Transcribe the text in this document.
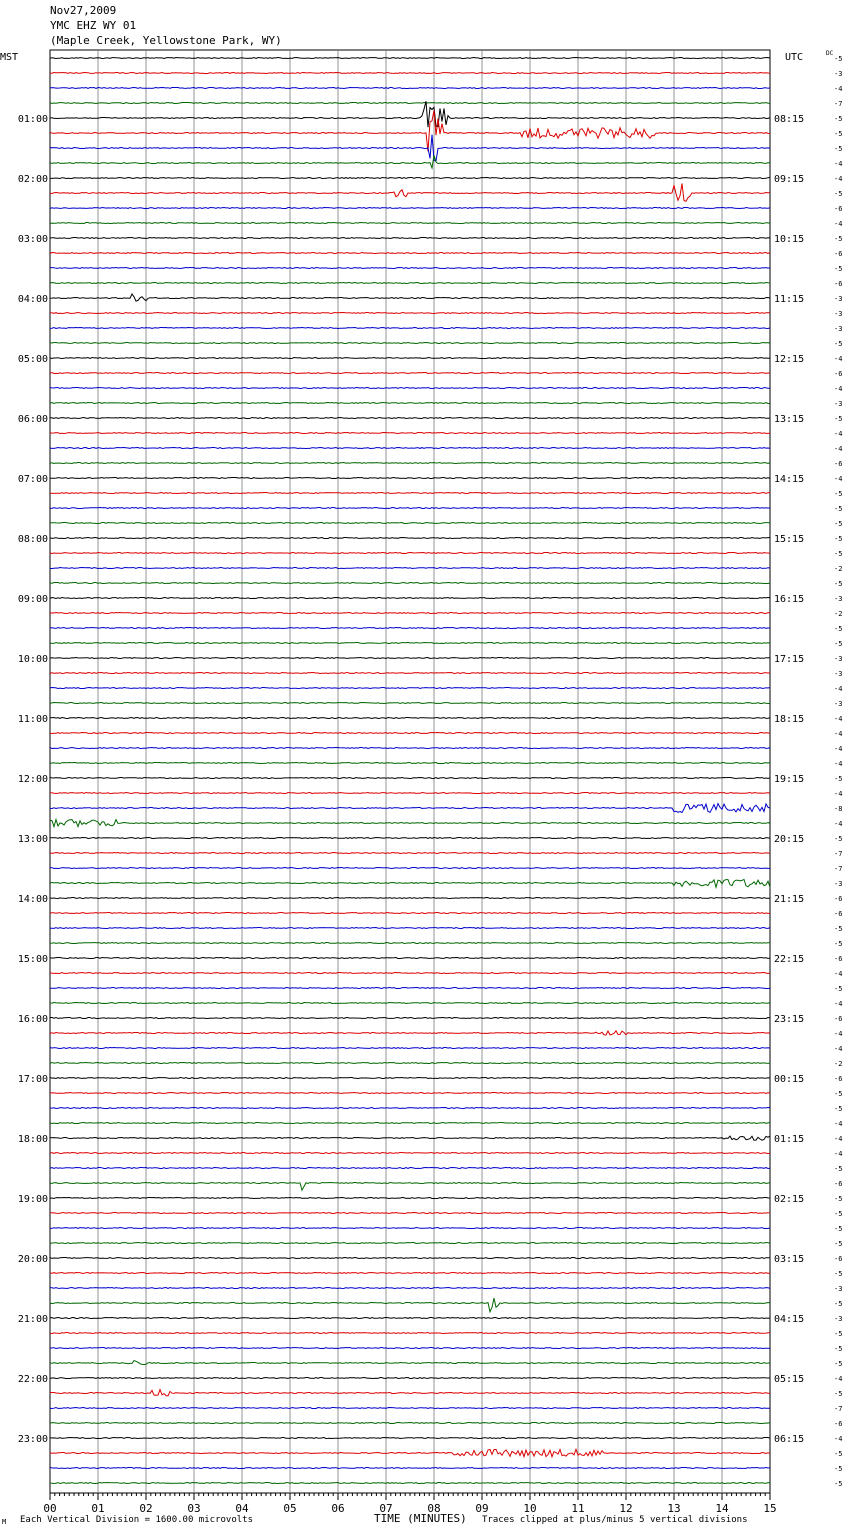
Nov27,2009
YMC EHZ WY 01
(Maple Creek, Yellowstone Park, WY)
MST	UTC	DC
01:00
02:00
03:00
04:00
05:00
06:00
07:00
08:00
09:00
10:00
11:00
12:00
13:00
14:00
15:00
16:00
17:00
18:00
19:00
20:00
21:00
22:00
23:00
08:15
09:15
10:15
11:15
12:15
13:15
14:15
15:15
16:15
17:15
18:15
19:15
20:15
21:15
22:15
23:15
00:15
01:15
02:15
03:15
04:15
05:15
06:15
-5
-3
-4
-7
-5
-5
-5
-4
-4
-5
-6
-4
-5
-6
-5
-6
-3
-3
-3
-5
-4
-6
-4
-3
-5
-4
-4
-6
-4
-5
-5
-5
-5
-5
-2
-5
-3
-2
-5
-5
-3
-3
-4
-3
-4
-4
-4
-4
-5
-4
-8
-4
-5
-7
-7
-3
-6
-6
-5
-5
-6
-4
-5
-4
-6
-4
-4
-2
-6
-5
-5
-4
-4
-4
-5
-6
-5
-5
-5
-5
-6
-5
-3
-5
-3
-5
-5
-5
-4
-5
-7
-6
-4
-5
-5
-5
00	01	02	03	04	05	06	07	08	09	10	11	12	13	14	15
M Each Vertical Division = 1600.00 microvolts	TIME (MINUTES) Traces clipped at plus/minus 5 vertical divisions
